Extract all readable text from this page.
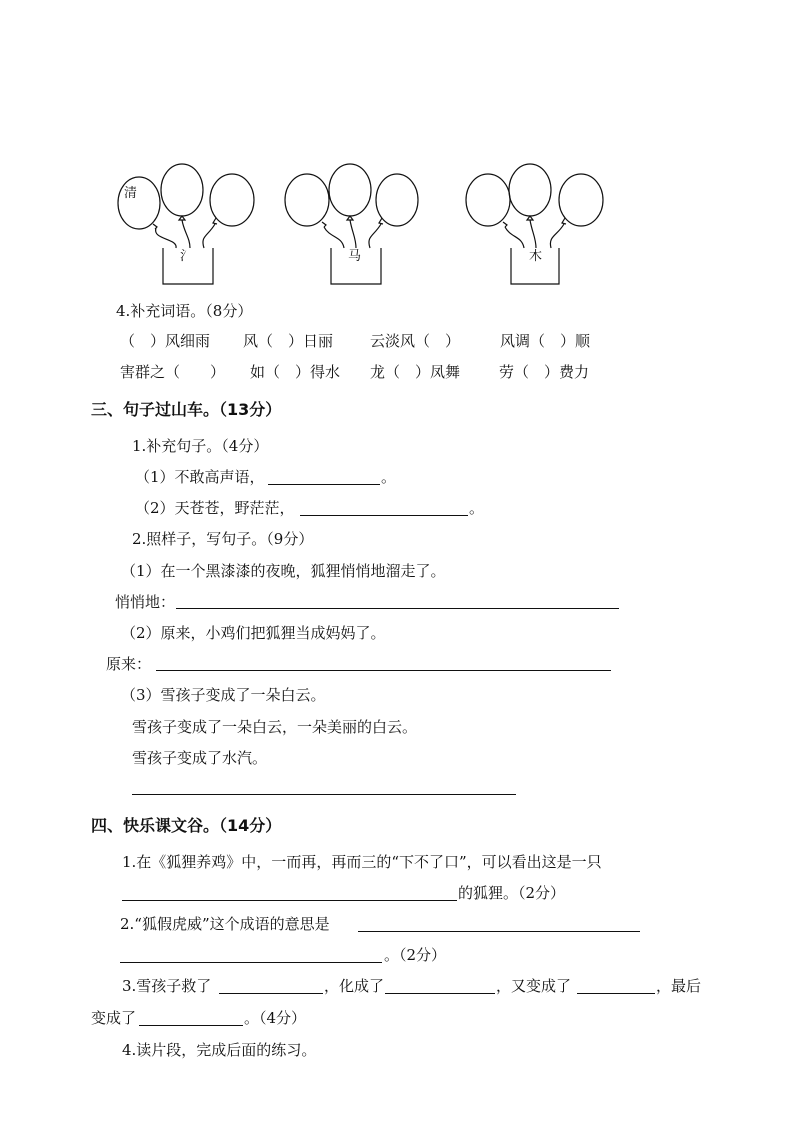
清
氵	马	木
4.补充词语。（8分）
（　）风细雨 风（　）日丽 云淡风（　）	风调（　）顺
害群之（　　） 如（　）得水 龙（　）凤舞	劳（　）费力
三、句子过山车。（13分）
1.补充句子。（4分）
（1）不敢高声语，	。
（2）天苍苍，野茫茫，	。
2.照样子，写句子。（9分）
（1）在一个黑漆漆的夜晚，狐狸悄悄地溜走了。
悄悄地：
（2）原来，小鸡们把狐狸当成妈妈了。
原来：
（3）雪孩子变成了一朵白云。
雪孩子变成了一朵白云，一朵美丽的白云。
雪孩子变成了水汽。
四、快乐课文谷。（14分）
1.在《狐狸养鸡》中，一而再，再而三的“下不了口”，可以看出这是一只
的狐狸。（2分）
2.“狐假虎威”这个成语的意思是
。（2分）
3.雪孩子救了	，化成了	，又变成了	，最后
变成了	。（4分）
4.读片段，完成后面的练习。
